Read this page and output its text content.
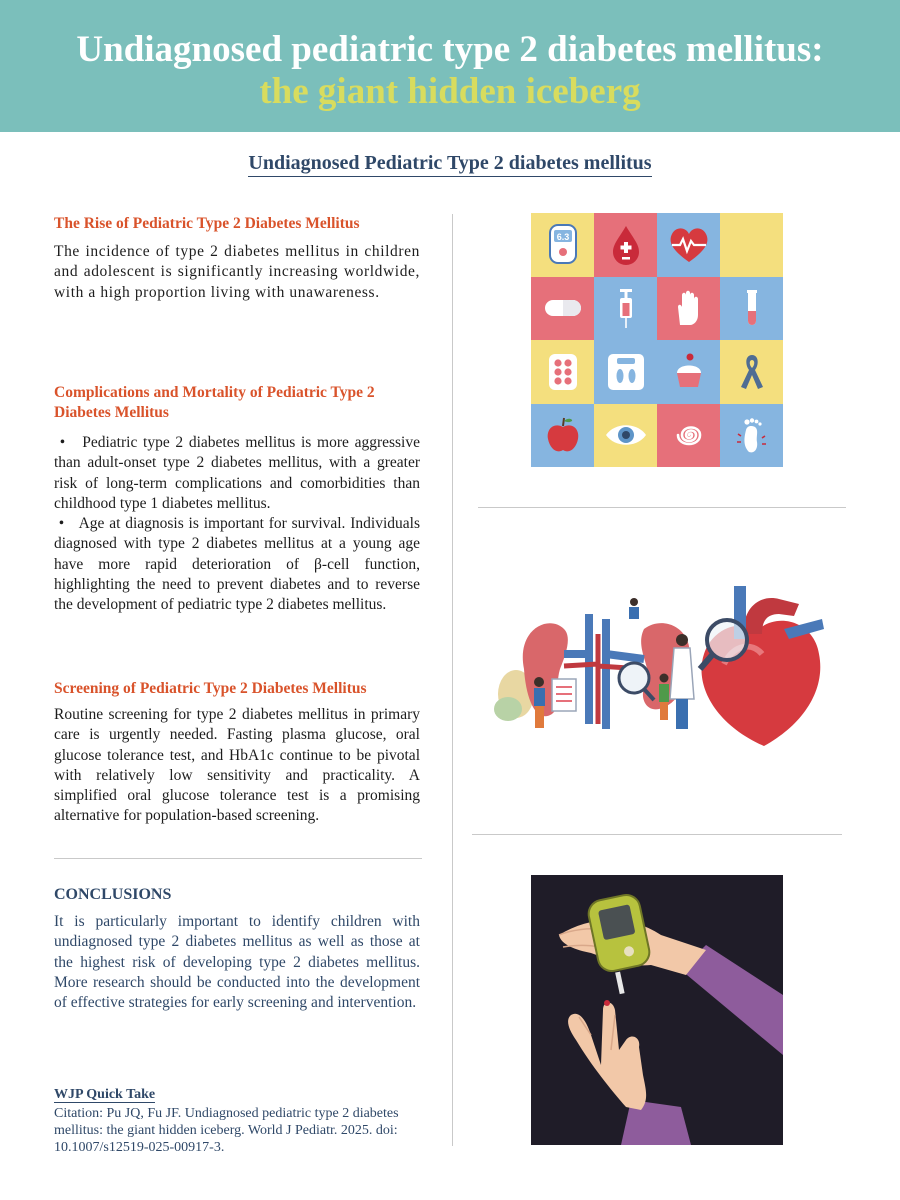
Undiagnosed pediatric type 2 diabetes mellitus:
the giant hidden iceberg
Undiagnosed Pediatric Type 2 diabetes mellitus

The Rise of Pediatric Type 2 Diabetes Mellitus

The incidence of type 2 diabetes mellitus in children and adolescent is significantly increasing worldwide, with a high proportion living with unawareness.

Complications and Mortality of Pediatric Type 2 Diabetes Mellitus

•   Pediatric type 2 diabetes mellitus is more aggressive than adult-onset type 2 diabetes mellitus, with a greater risk of long-term complications and comorbidities than childhood type 1 diabetes mellitus.

•   Age at diagnosis is important for survival. Individuals diagnosed with type 2 diabetes mellitus at a young age have more rapid deterioration of β-cell function, highlighting the need to prevent diabetes and to reverse the development of pediatric type 2 diabetes mellitus.

Screening of Pediatric Type 2 Diabetes Mellitus

Routine screening for type 2 diabetes mellitus in primary care is urgently needed. Fasting plasma glucose, oral glucose tolerance test, and HbA1c continue to be pivotal with relatively low sensitivity and practicality. A simplified oral glucose tolerance test is a promising alternative for population-based screening.

CONCLUSIONS

It is particularly important to identify children with undiagnosed type 2 diabetes mellitus as well as those at the highest risk of developing type 2 diabetes mellitus. More research should be conducted into the development of effective strategies for early screening and intervention.

WJP Quick Take

Citation: Pu JQ, Fu JF. Undiagnosed pediatric type 2 diabetes mellitus: the giant hidden iceberg. World J Pediatr. 2025. doi: 10.1007/s12519-025-00917-3.

6.3
